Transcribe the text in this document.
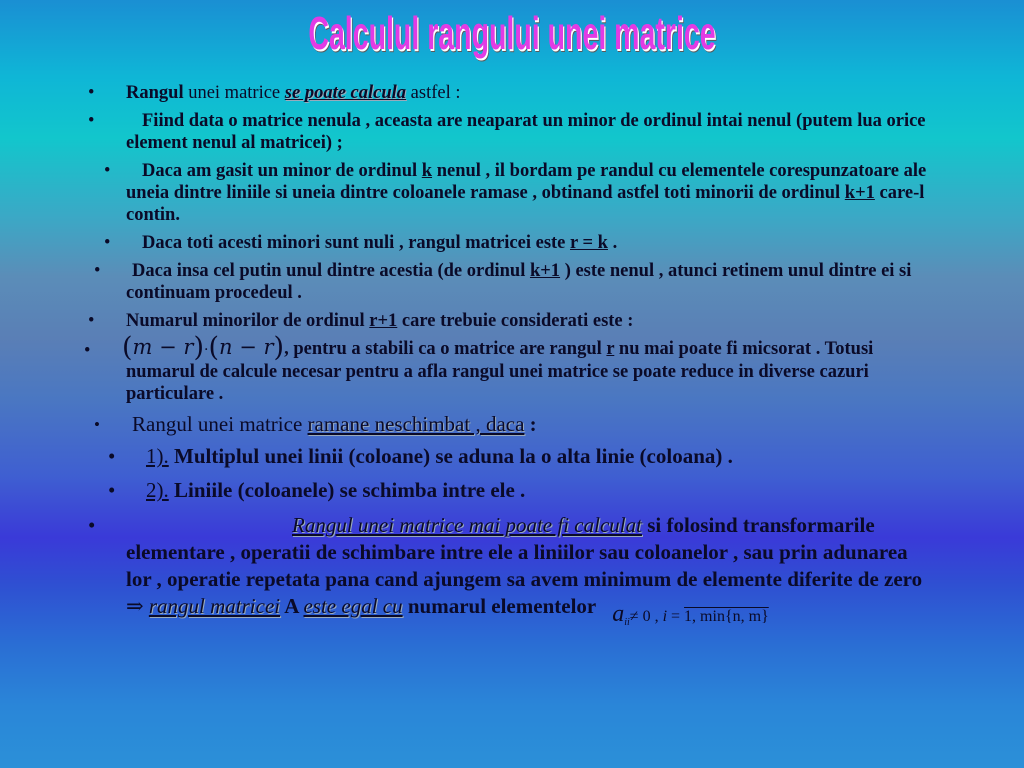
Calculul rangului unei matrice
• Rangul unei matrice se poate calcula astfel :
•	Fiind data o matrice nenula , aceasta are neaparat un minor de ordinul intai nenul (putem lua orice element nenul al matricei) ;
• Daca am gasit un minor de ordinul k nenul , il bordam pe randul cu elementele corespunzatoare ale uneia dintre liniile si uneia dintre coloanele ramase , obtinand astfel toti minorii de ordinul k+1 care-l contin.
• Daca toti acesti minori sunt nuli , rangul matricei este r = k .
• Daca insa cel putin unul dintre acestia (de ordinul k+1 ) este nenul , atunci retinem unul dintre ei si continuam procedeul .
• Numarul minorilor de ordinul r+1 care trebuie considerati este :
• (m − r)·(n − r), pentru a stabili ca o matrice are rangul r nu mai poate fi micsorat . Totusi numarul de calcule necesar pentru a afla rangul unei matrice se poate reduce in diverse cazuri particulare .
• Rangul unei matrice ramane neschimbat , daca :
• 1). Multiplul unei linii (coloane) se aduna la o alta linie (coloana) .
• 2). Liniile (coloanele) se schimba intre ele .
•	Rangul unei matrice mai poate fi calculat si folosind transformarile elementare , operatii de schimbare intre ele a liniilor sau coloanelor , sau prin adunarea lor , operatie repetata pana cand ajungem sa avem minimum de elemente diferite de zero ⇒ rangul matricei A este egal cu numarul elementelor $_{a_{ii}\ne 0 , i = 1, min\{n, m\}}$
